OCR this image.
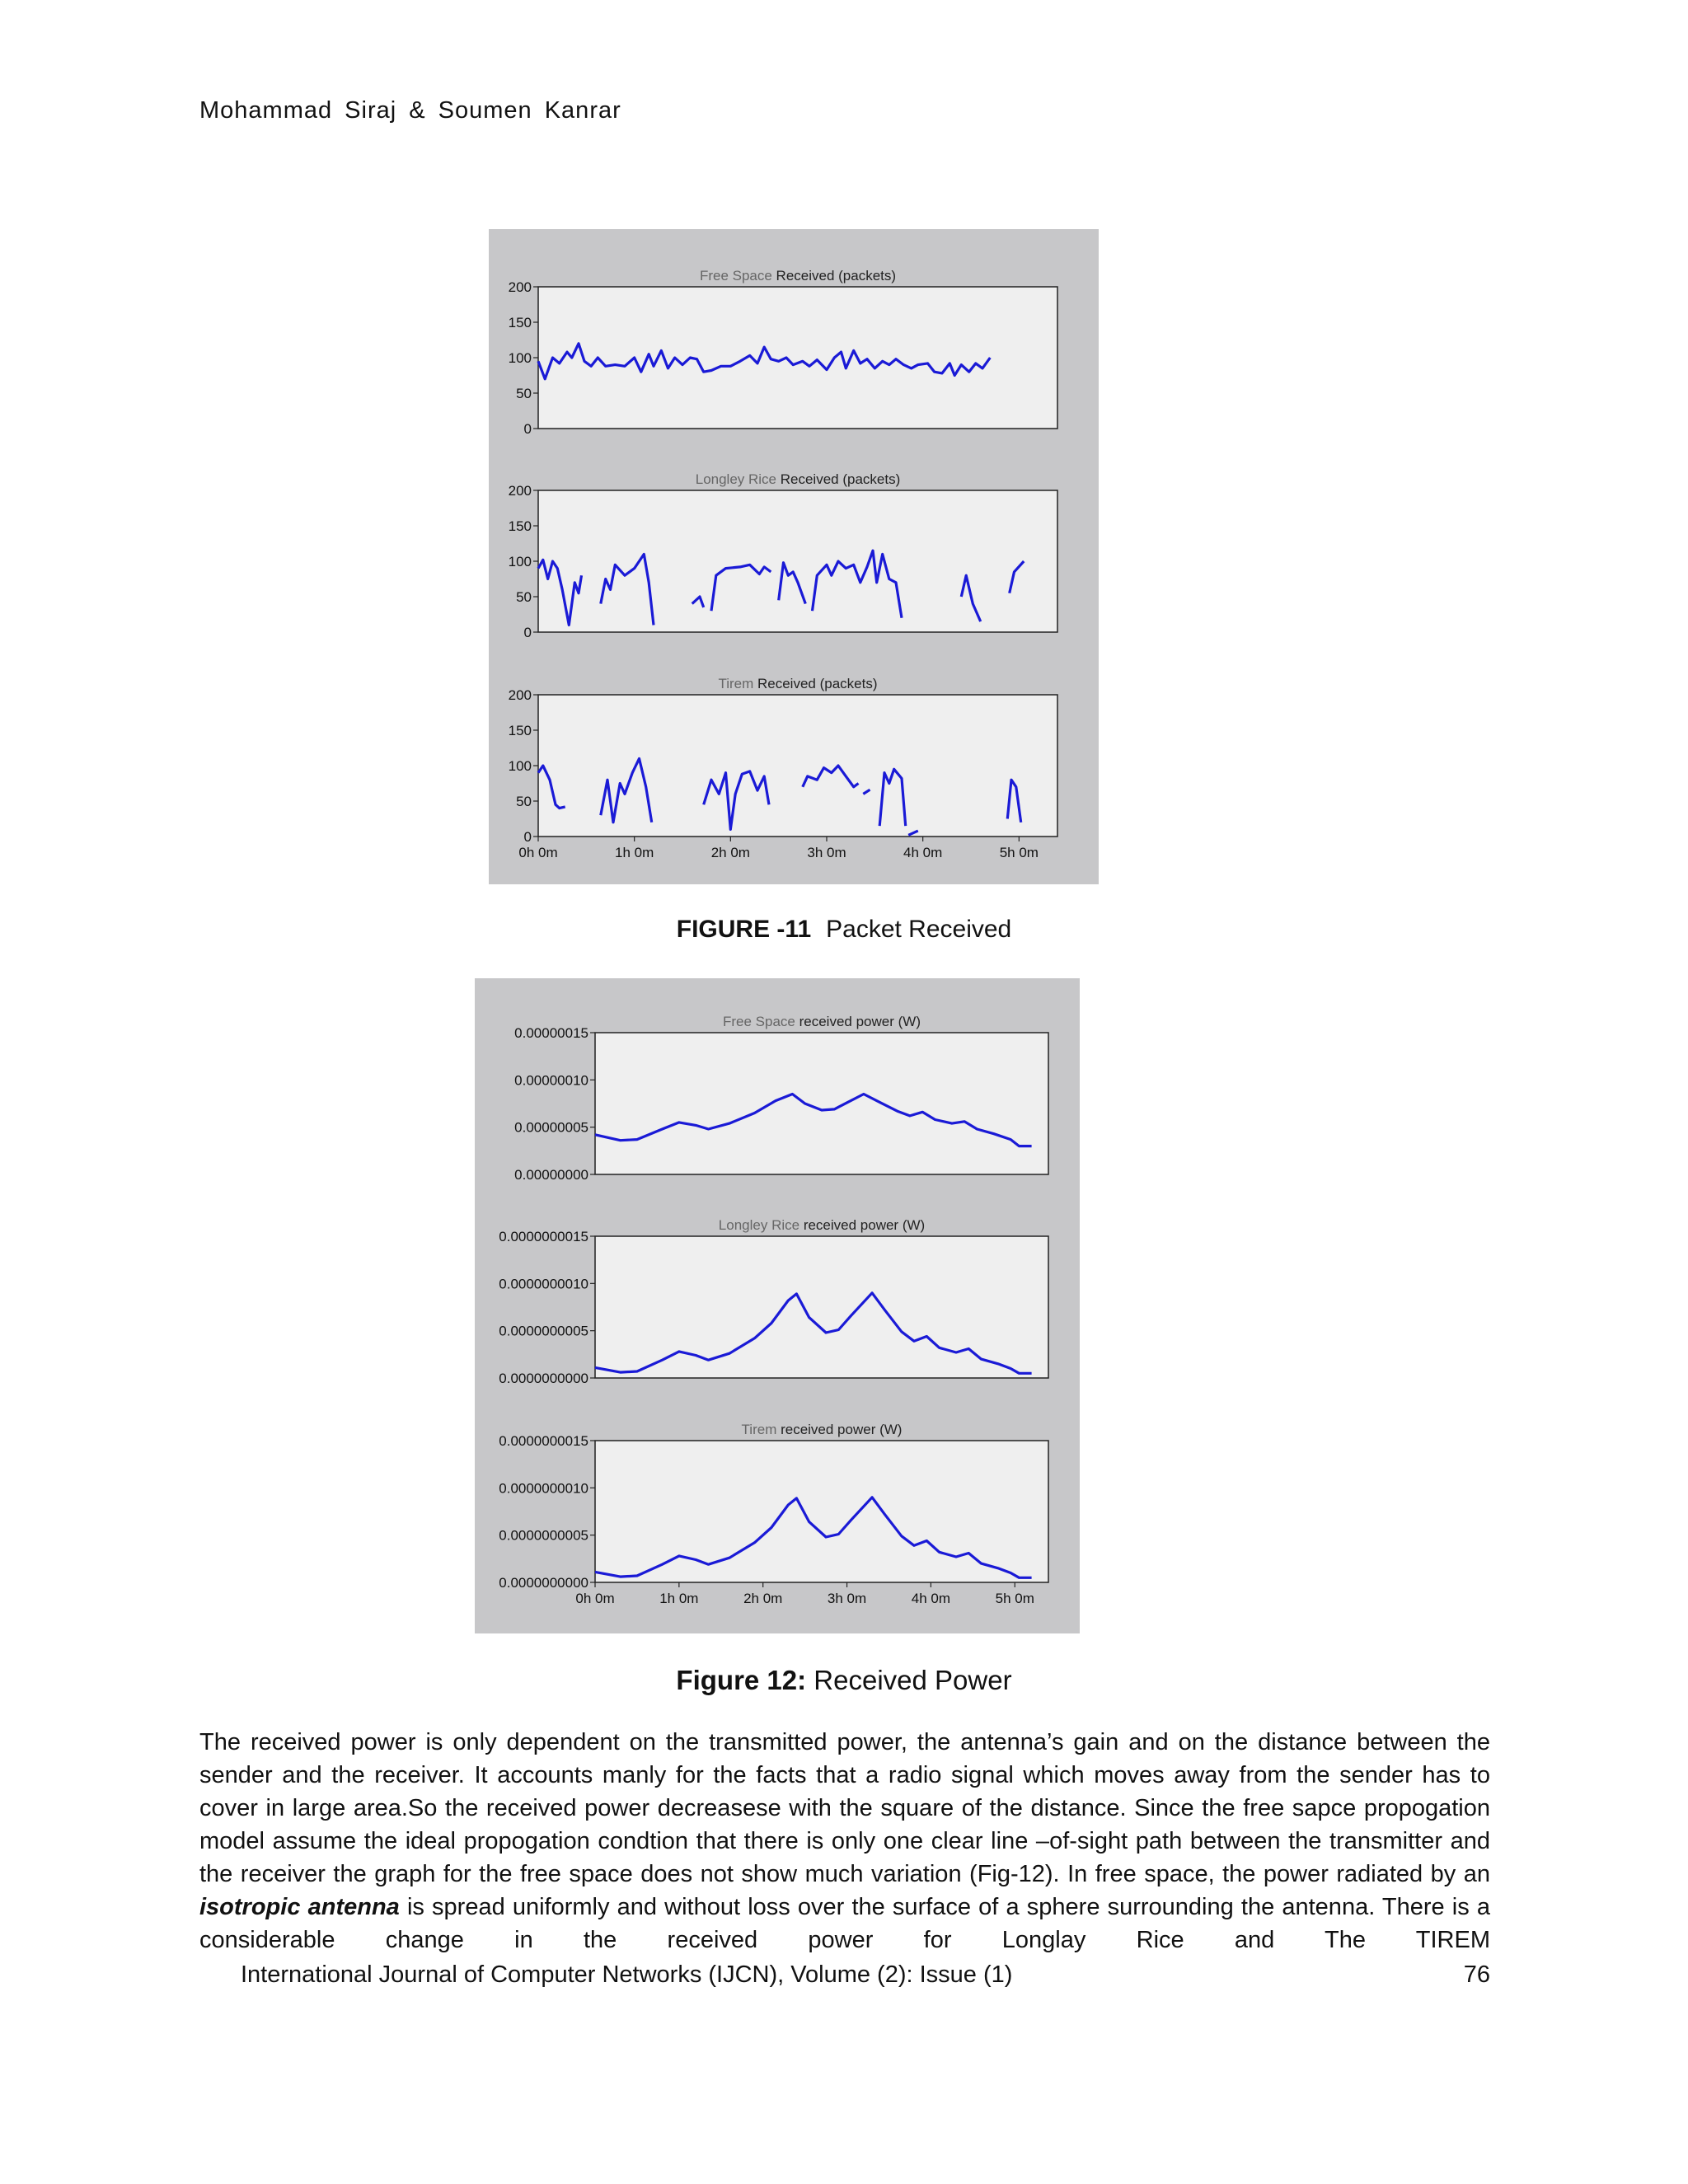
Mohammad Siraj & Soumen Kanrar
Free Space Received (packets)
0
50
100
150
200
Longley Rice Received (packets)
0
50
100
150
200
Tirem Received (packets)
0
50
100
150
200
0h 0m	1h 0m	2h 0m	3h 0m	4h 0m	5h 0m
FIGURE -11 Packet Received
Free Space received power (W)
0.00000000
0.00000005
0.00000010
0.00000015
Longley Rice received power (W)
0.0000000000
0.0000000005
0.0000000010
0.0000000015
Tirem received power (W)
0.0000000000
0.0000000005
0.0000000010
0.0000000015
0h 0m	1h 0m	2h 0m	3h 0m	4h 0m	5h 0m
Figure 12: Received Power

The received power is only dependent on the transmitted power, the antenna’s gain and on the distance between the sender and the receiver. It accounts manly for the facts that a radio signal which moves away from the sender has to cover in large area.So the received power decreasese with the square of the distance. Since the free sapce propogation model assume the ideal propogation condtion that there is only one clear line –of-sight path between the transmitter and the receiver the graph for the free space does not show much variation (Fig-12). In free space, the power radiated by an isotropic antenna is spread uniformly and without loss over the surface of a sphere surrounding the antenna. There is a considerable change in the received power for Longlay Rice and The TIREM

International Journal of Computer Networks (IJCN), Volume (2): Issue (1)	76
